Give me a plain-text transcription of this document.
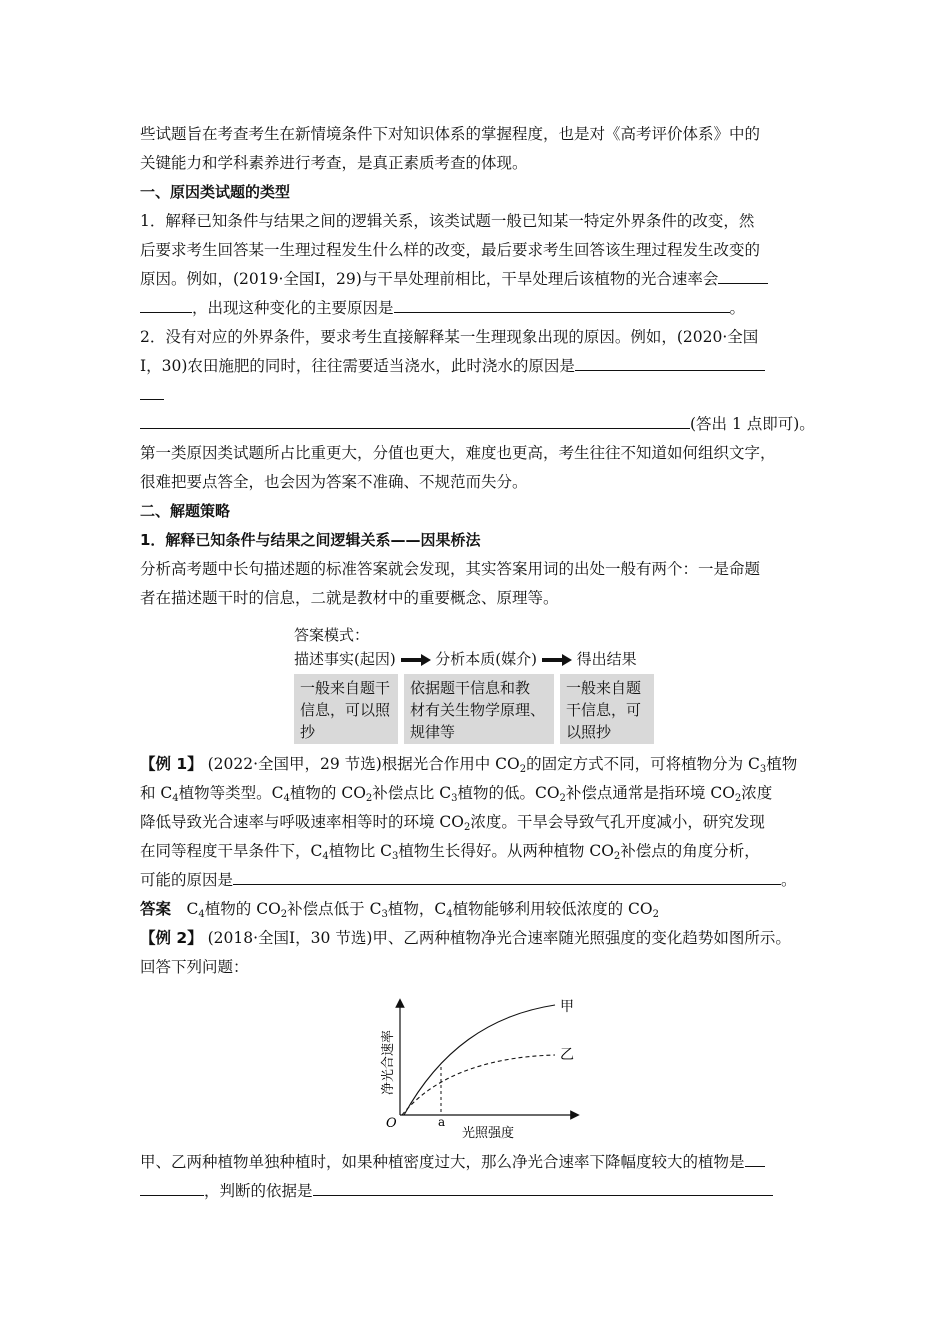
些试题旨在考查考生在新情境条件下对知识体系的掌握程度，也是对《高考评价体系》中的

关键能力和学科素养进行考查，是真正素质考查的体现。

一、原因类试题的类型

1．解释已知条件与结果之间的逻辑关系，该类试题一般已知某一特定外界条件的改变，然

后要求考生回答某一生理过程发生什么样的改变，最后要求考生回答该生理过程发生改变的

原因。例如，(2019·全国Ⅰ，29)与干旱处理前相比，干旱处理后该植物的光合速率会

，出现这种变化的主要原因是	。

2．没有对应的外界条件，要求考生直接解释某一生理现象出现的原因。例如，(2020·全国

Ⅰ，30)农田施肥的同时，往往需要适当浇水，此时浇水的原因是

(答出 1 点即可)。

第一类原因类试题所占比重更大，分值也更大，难度也更高，考生往往不知道如何组织文字，

很难把要点答全，也会因为答案不准确、不规范而失分。

二、解题策略

1．解释已知条件与结果之间逻辑关系——因果桥法

分析高考题中长句描述题的标准答案就会发现，其实答案用词的出处一般有两个：一是命题

者在描述题干时的信息，二就是教材中的重要概念、原理等。

答案模式：
描述事实(起因)	分析本质(媒介)	得出结果
一般来自题干
信息，可以照
抄
依据题干信息和教
材有关生物学原理、
规律等
一般来自题
干信息，可
以照抄

【例 1】 (2022·全国甲，29 节选)根据光合作用中 $CO_2$的固定方式不同，可将植物分为 $C_3$植物

和 $C_4$植物等类型。$C_4$植物的 $CO_2$补偿点比 $C_3$植物的低。$CO_2$补偿点通常是指环境 $CO_2$浓度

降低导致光合速率与呼吸速率相等时的环境 $CO_2$浓度。干旱会导致气孔开度减小，研究发现

在同等程度干旱条件下，$C_4$植物比 $C_3$植物生长得好。从两种植物 $CO_2$补偿点的角度分析，

可能的原因是	。

答案　 $C_4$植物的 $CO_2$补偿点低于 $C_3$植物，$C_4$植物能够利用较低浓度的 $CO_2$

【例 2】 (2018·全国Ⅰ，30 节选)甲、乙两种植物净光合速率随光照强度的变化趋势如图所示。

回答下列问题：

甲
乙
O	a
光照强度
净光合速率

甲、乙两种植物单独种植时，如果种植密度过大，那么净光合速率下降幅度较大的植物是

，判断的依据是
